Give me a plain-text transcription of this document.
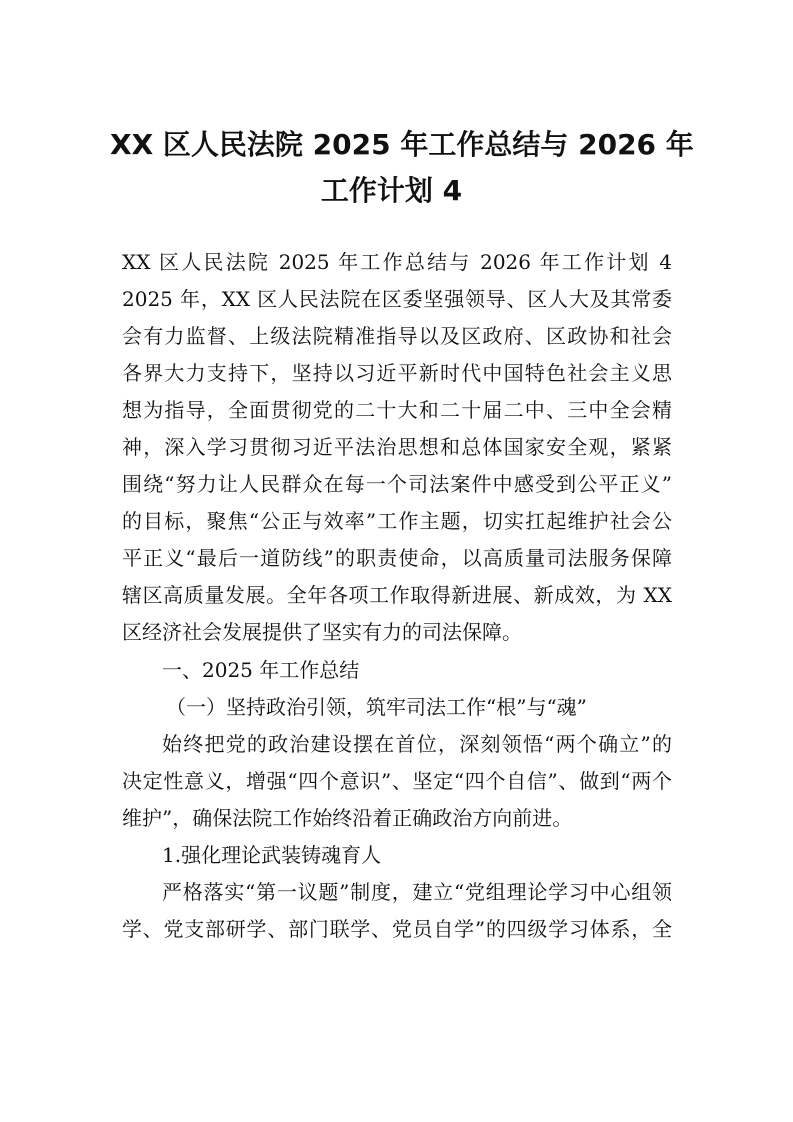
XX 区人民法院 2025 年工作总结与 2026 年
工作计划 4

XX 区人民法院 2025 年工作总结与 2026 年工作计划 4

2025 年，XX 区人民法院在区委坚强领导、区人大及其常委

会有力监督、上级法院精准指导以及区政府、区政协和社会

各界大力支持下，坚持以习近平新时代中国特色社会主义思

想为指导，全面贯彻党的二十大和二十届二中、三中全会精

神，深入学习贯彻习近平法治思想和总体国家安全观，紧紧

围绕“努力让人民群众在每一个司法案件中感受到公平正义”

的目标，聚焦“公正与效率”工作主题，切实扛起维护社会公

平正义“最后一道防线”的职责使命，以高质量司法服务保障

辖区高质量发展。全年各项工作取得新进展、新成效，为 XX

区经济社会发展提供了坚实有力的司法保障。

一、2025 年工作总结

（一）坚持政治引领，筑牢司法工作“根”与“魂”

始终把党的政治建设摆在首位，深刻领悟“两个确立”的

决定性意义，增强“四个意识”、坚定“四个自信”、做到“两个

维护”，确保法院工作始终沿着正确政治方向前进。

1.强化理论武装铸魂育人

严格落实“第一议题”制度，建立“党组理论学习中心组领

学、党支部研学、部门联学、党员自学”的四级学习体系，全
